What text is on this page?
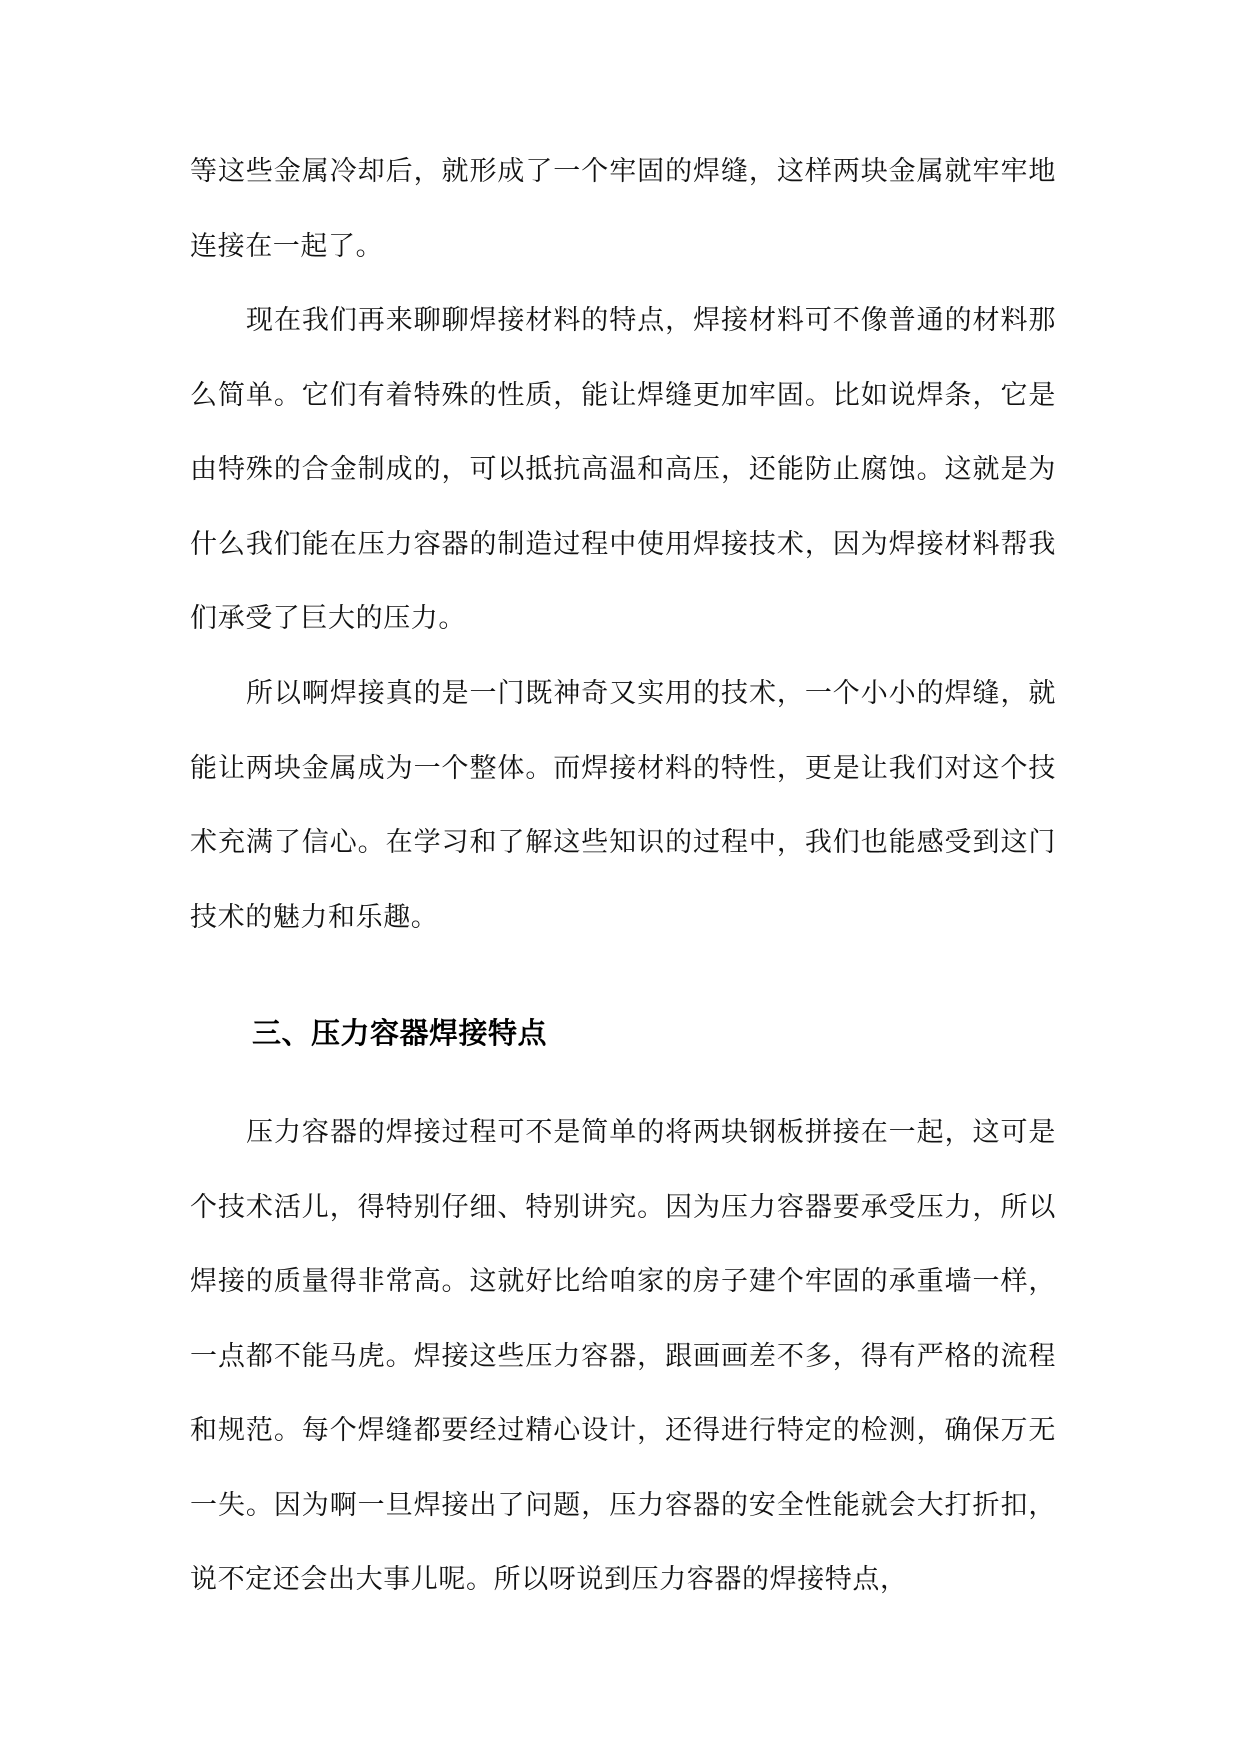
等这些金属冷却后，就形成了一个牢固的焊缝，这样两块金属就牢牢地连接在一起了。

现在我们再来聊聊焊接材料的特点，焊接材料可不像普通的材料那么简单。它们有着特殊的性质，能让焊缝更加牢固。比如说焊条，它是由特殊的合金制成的，可以抵抗高温和高压，还能防止腐蚀。这就是为什么我们能在压力容器的制造过程中使用焊接技术，因为焊接材料帮我们承受了巨大的压力。

所以啊焊接真的是一门既神奇又实用的技术，一个小小的焊缝，就能让两块金属成为一个整体。而焊接材料的特性，更是让我们对这个技术充满了信心。在学习和了解这些知识的过程中，我们也能感受到这门技术的魅力和乐趣。

三、压力容器焊接特点

压力容器的焊接过程可不是简单的将两块钢板拼接在一起，这可是个技术活儿，得特别仔细、特别讲究。因为压力容器要承受压力，所以焊接的质量得非常高。这就好比给咱家的房子建个牢固的承重墙一样，一点都不能马虎。焊接这些压力容器，跟画画差不多，得有严格的流程和规范。每个焊缝都要经过精心设计，还得进行特定的检测，确保万无一失。因为啊一旦焊接出了问题，压力容器的安全性能就会大打折扣，说不定还会出大事儿呢。所以呀说到压力容器的焊接特点，
